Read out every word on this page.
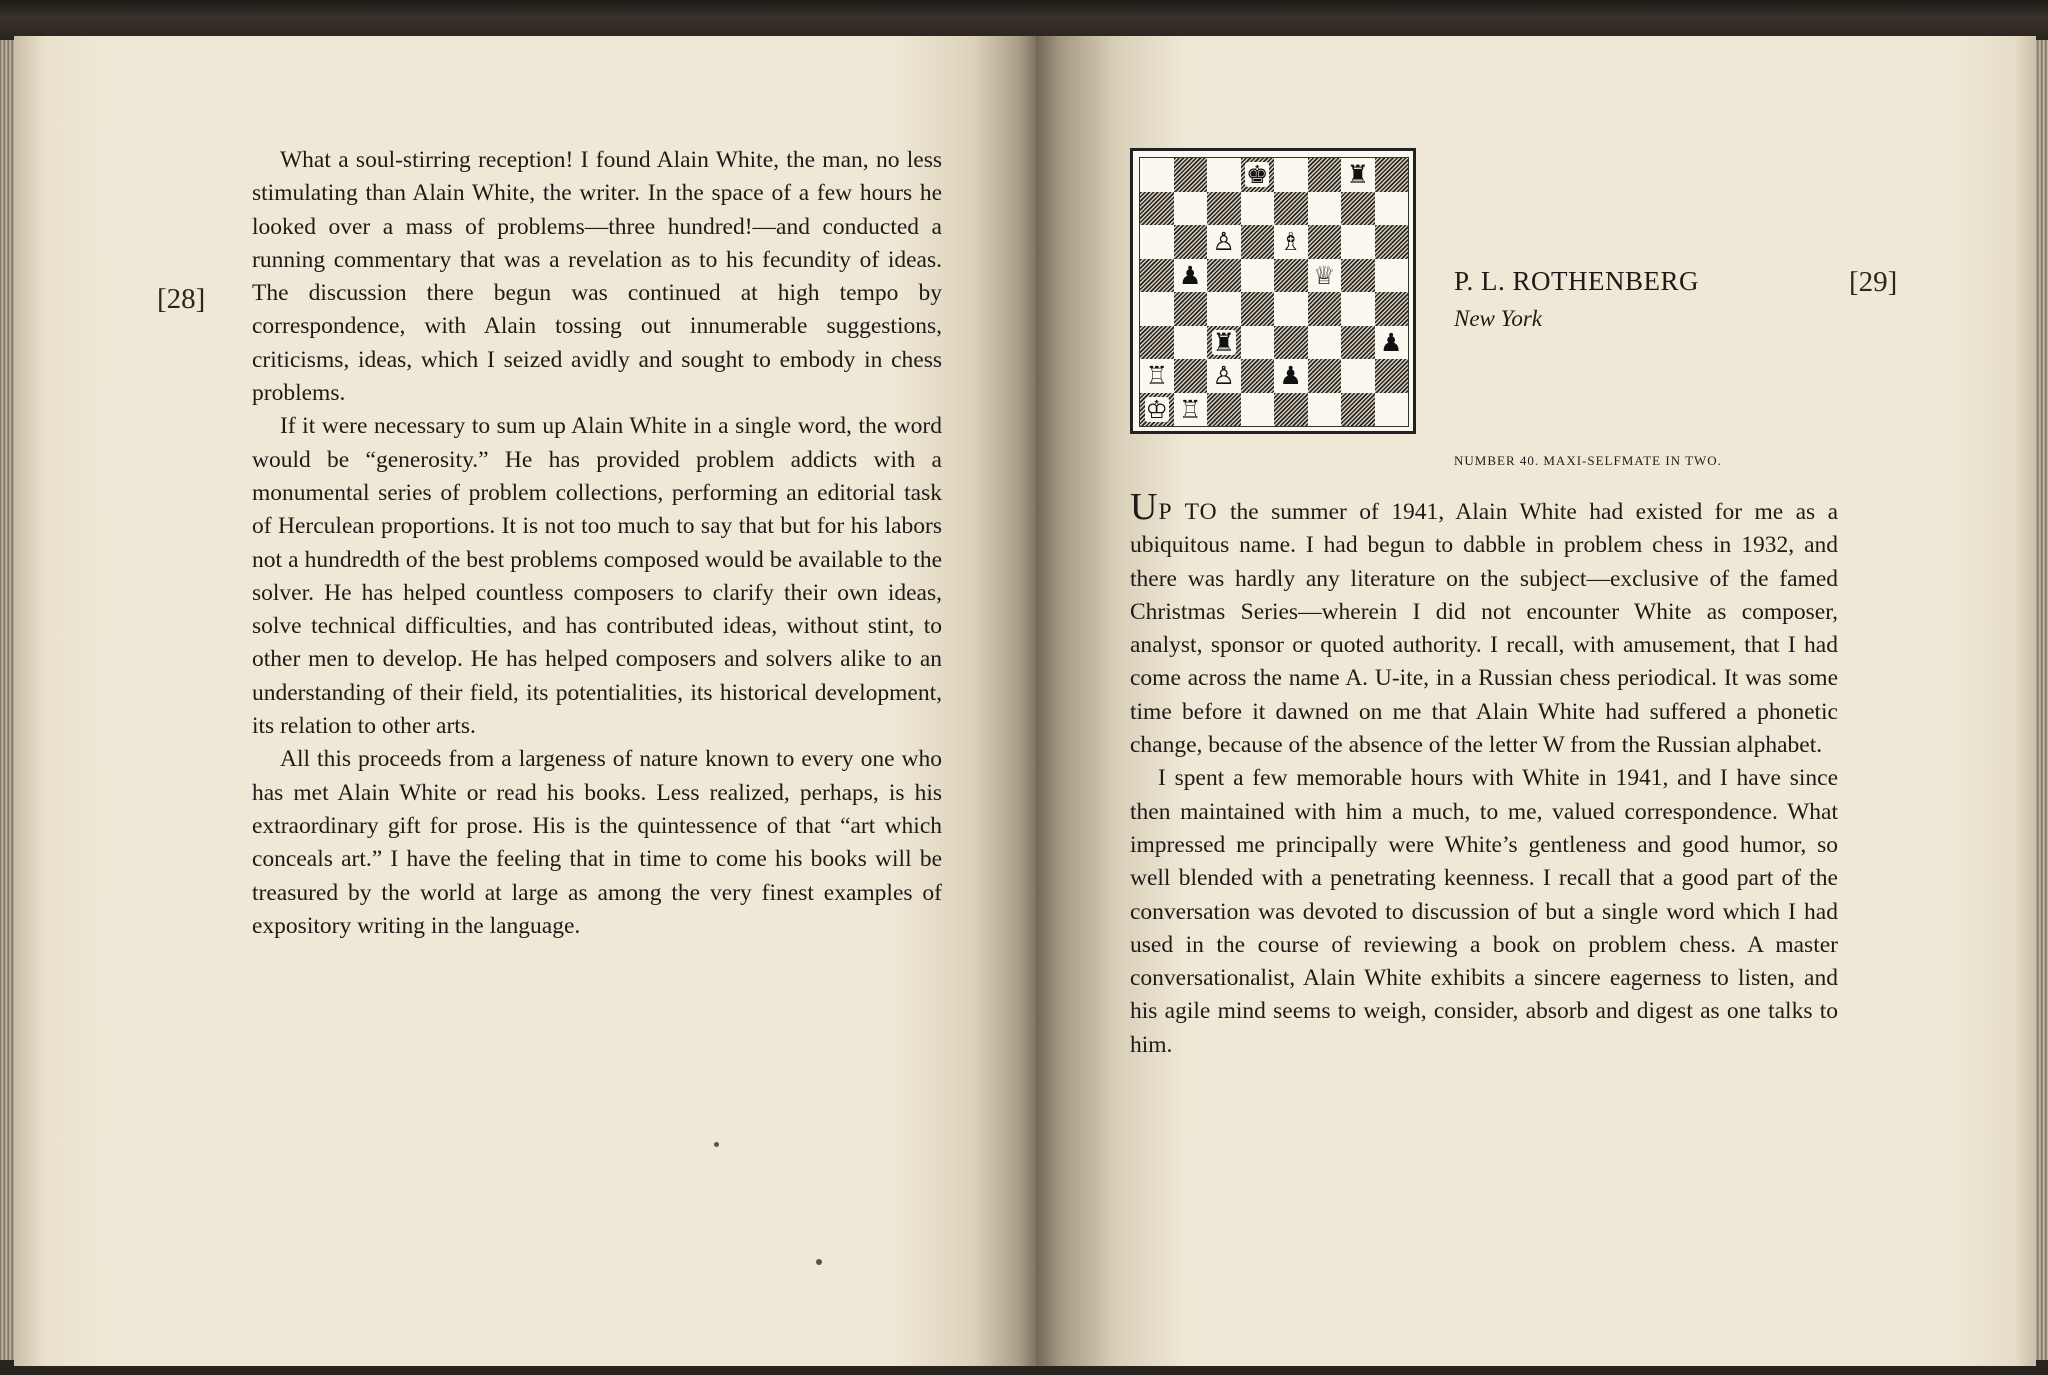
[28]

What a soul-stirring reception! I found Alain White, the man, no less stimulating than Alain White, the writer. In the space of a few hours he looked over a mass of problems—three hundred!—and conducted a running commentary that was a revelation as to his fecundity of ideas. The discussion there begun was continued at high tempo by correspondence, with Alain tossing out innumerable suggestions, criticisms, ideas, which I seized avidly and sought to embody in chess problems.

If it were necessary to sum up Alain White in a single word, the word would be “generosity.” He has provided problem addicts with a monumental series of problem collections, performing an editorial task of Herculean proportions. It is not too much to say that but for his labors not a hundredth of the best problems composed would be available to the solver. He has helped countless composers to clarify their own ideas, solve technical difficulties, and has contributed ideas, without stint, to other men to develop. He has helped composers and solvers alike to an understanding of their field, its potentialities, its historical development, its relation to other arts.

All this proceeds from a largeness of nature known to every one who has met Alain White or read his books. Less realized, perhaps, is his extraordinary gift for prose. His is the quintessence of that “art which conceals art.” I have the feeling that in time to come his books will be treasured by the world at large as among the very finest examples of expository writing in the language.

♚	♜
♙ ♗
♟	♕
♜	♟
♖ ♙ ♟
♔ ♖
P. L. ROTHENBERG
New York
[29]
NUMBER 40. MAXI-SELFMATE IN TWO.

UP TO the summer of 1941, Alain White had existed for me as a ubiquitous name. I had begun to dabble in problem chess in 1932, and there was hardly any literature on the subject—exclusive of the famed Christmas Series—wherein I did not encounter White as composer, analyst, sponsor or quoted authority. I recall, with amusement, that I had come across the name A. U-ite, in a Russian chess periodical. It was some time before it dawned on me that Alain White had suffered a phonetic change, because of the absence of the letter W from the Russian alphabet.

I spent a few memorable hours with White in 1941, and I have since then maintained with him a much, to me, valued correspondence. What impressed me principally were White’s gentleness and good humor, so well blended with a penetrating keenness. I recall that a good part of the conversation was devoted to discussion of but a single word which I had used in the course of reviewing a book on problem chess. A master conversationalist, Alain White exhibits a sincere eagerness to listen, and his agile mind seems to weigh, consider, absorb and digest as one talks to him.
